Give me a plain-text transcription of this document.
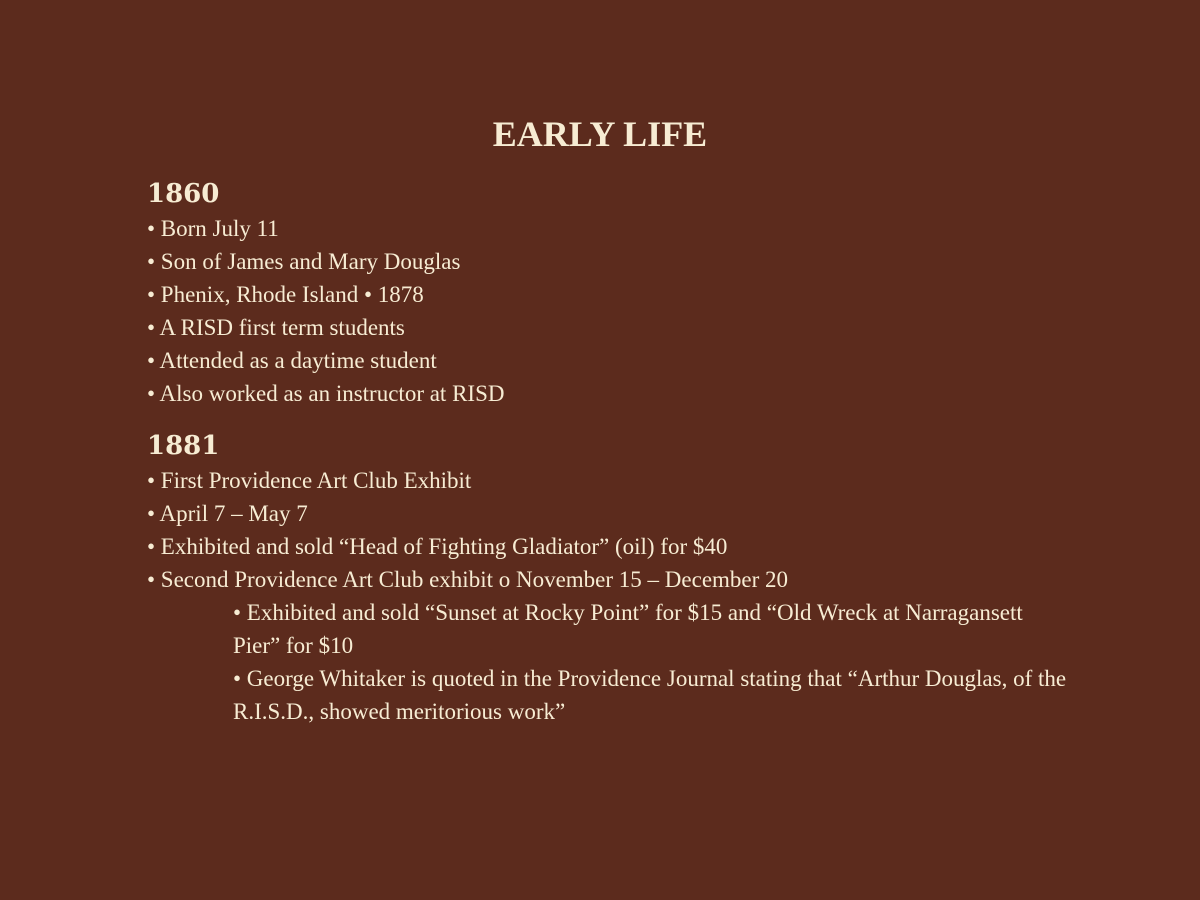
EARLY LIFE

1860

• Born July 11

• Son of James and Mary Douglas

• Phenix, Rhode Island • 1878

• A RISD first term students

• Attended as a daytime student

• Also worked as an instructor at RISD

1881

• First Providence Art Club Exhibit

• April 7 – May 7

• Exhibited and sold “Head of Fighting Gladiator” (oil) for $40

• Second Providence Art Club exhibit o November 15 – December 20

• Exhibited and sold “Sunset at Rocky Point” for $15 and “Old Wreck at Narragansett Pier” for $10

• George Whitaker is quoted in the Providence Journal stating that “Arthur Douglas, of the R.I.S.D., showed meritorious work”
